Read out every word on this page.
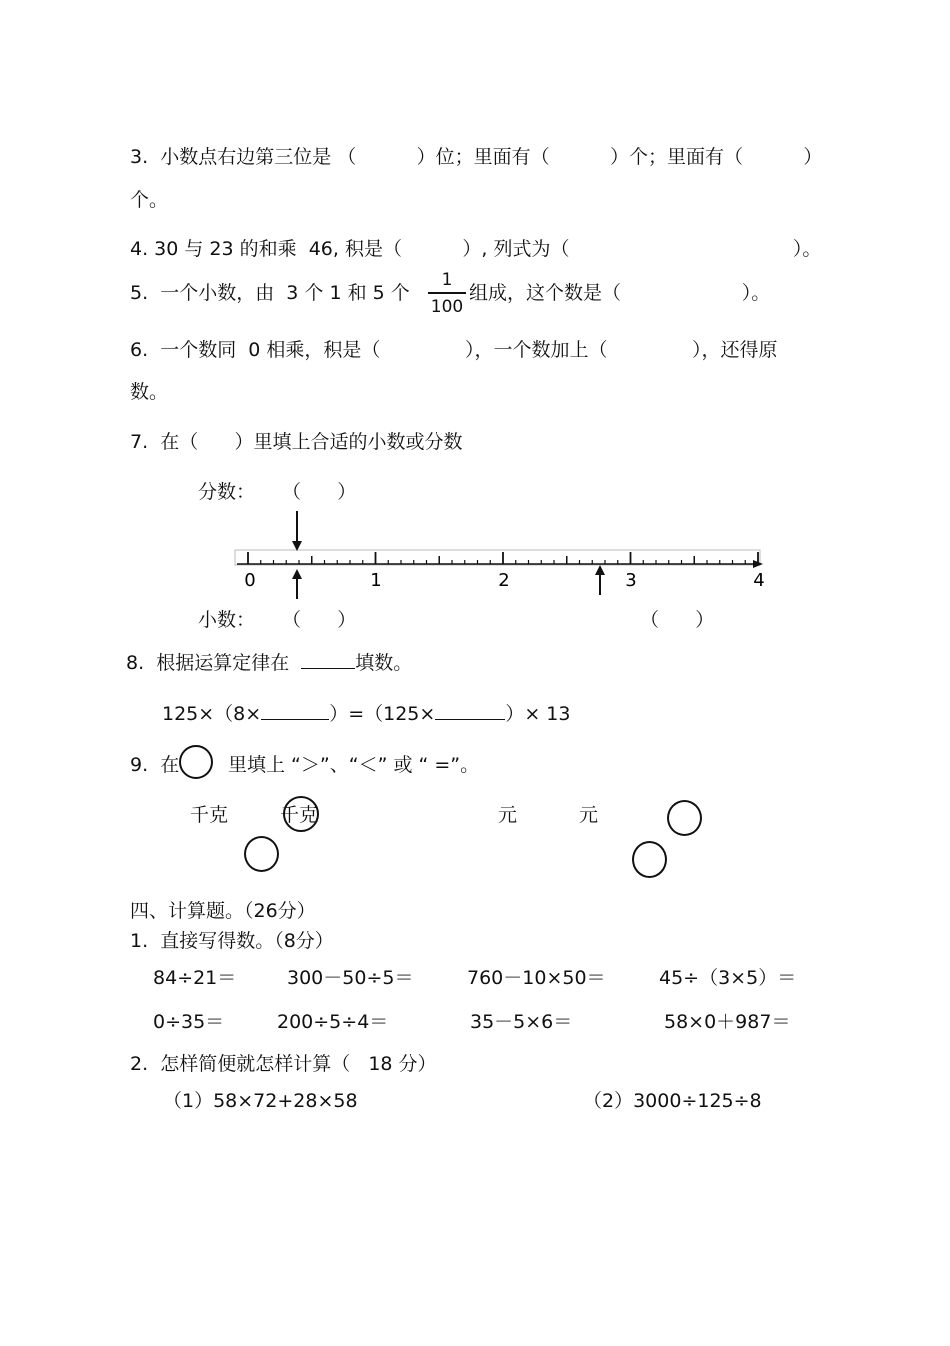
3.  小数点右边第三位是 （          ）位；里面有（          ）个；里面有（          ）
个。
4. 30 与 23 的和乘  46, 积是（          ）, 列式为（                                     ）。
5.  一个小数，由  3 个 1 和 5 个
1
100
组成，这个数是（                    ）。
6.  一个数同  0 相乘，积是（              ），一个数加上（              ），还得原
数。
7.  在（      ）里填上合适的小数或分数
分数： （      ）
0	1	2	3	4
小数： （      ）	（      ）
8.  根据运算定律在	填数。
125×（8×	）=（125×	）× 13
9.  在	里填上 “＞”、“＜” 或 “ =”。
千克	千克	元	元
四、计算题。（26分）
1.  直接写得数。（8分）
84÷21＝	300－50÷5＝	760－10×50＝	45÷（3×5）＝
0÷35＝	200÷5÷4＝	35－5×6＝	58×0＋987＝
2.  怎样简便就怎样计算（   18 分）
（1）58×72+28×58	（2）3000÷125÷8
